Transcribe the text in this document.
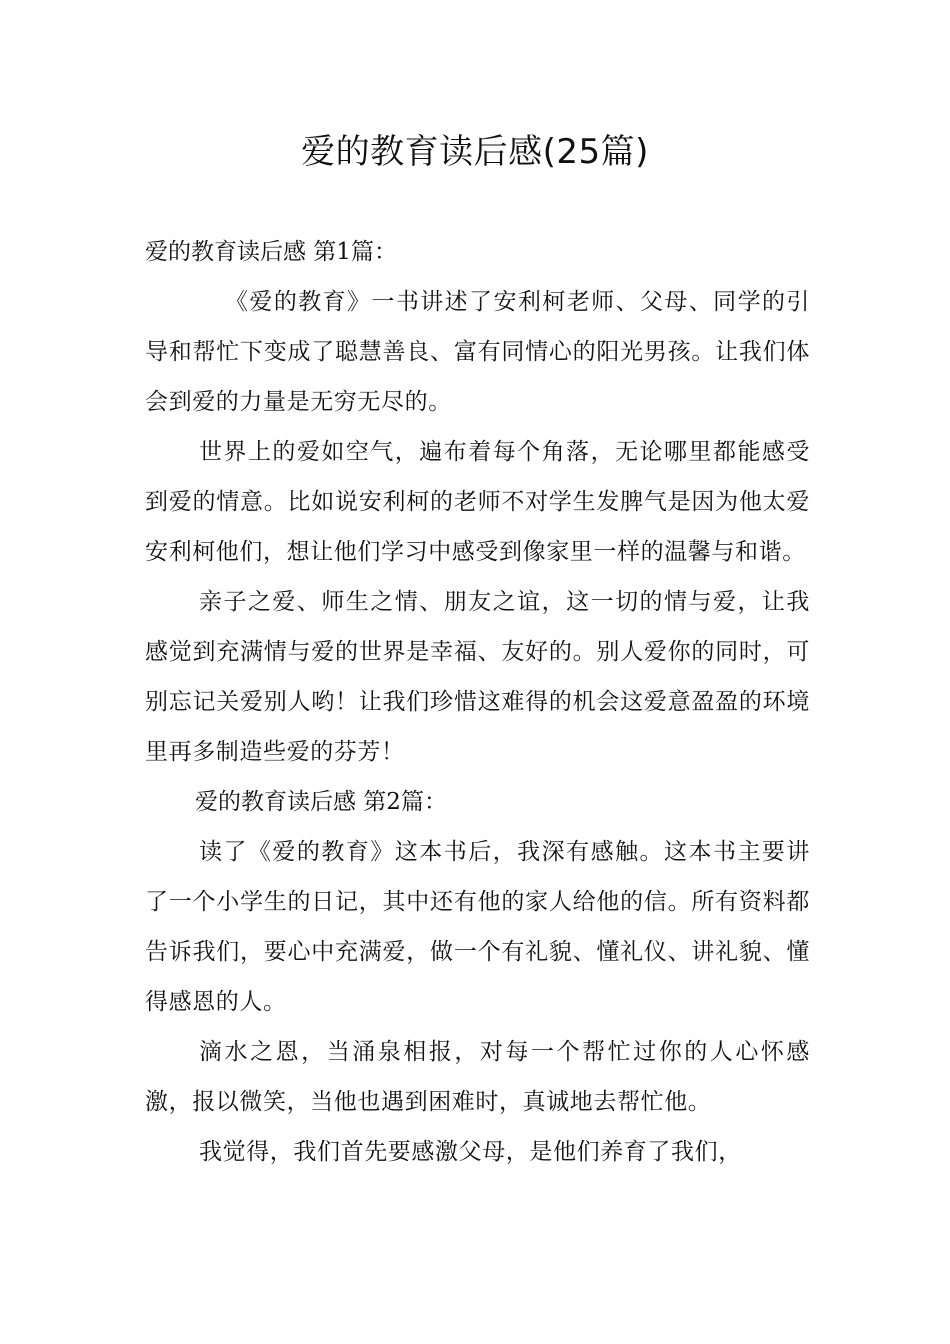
爱的教育读后感(25篇)

爱的教育读后感 第1篇：

《爱的教育》一书讲述了安利柯老师、父母、同学的引导和帮忙下变成了聪慧善良、富有同情心的阳光男孩。让我们体会到爱的力量是无穷无尽的。

世界上的爱如空气，遍布着每个角落，无论哪里都能感受到爱的情意。比如说安利柯的老师不对学生发脾气是因为他太爱安利柯他们，想让他们学习中感受到像家里一样的温馨与和谐。

亲子之爱、师生之情、朋友之谊，这一切的情与爱，让我感觉到充满情与爱的世界是幸福、友好的。别人爱你的同时，可别忘记关爱别人哟！让我们珍惜这难得的机会这爱意盈盈的环境里再多制造些爱的芬芳！

爱的教育读后感 第2篇：

读了《爱的教育》这本书后，我深有感触。这本书主要讲了一个小学生的日记，其中还有他的家人给他的信。所有资料都告诉我们，要心中充满爱，做一个有礼貌、懂礼仪、讲礼貌、懂得感恩的人。

滴水之恩，当涌泉相报，对每一个帮忙过你的人心怀感激，报以微笑，当他也遇到困难时，真诚地去帮忙他。

我觉得，我们首先要感激父母，是他们养育了我们，
